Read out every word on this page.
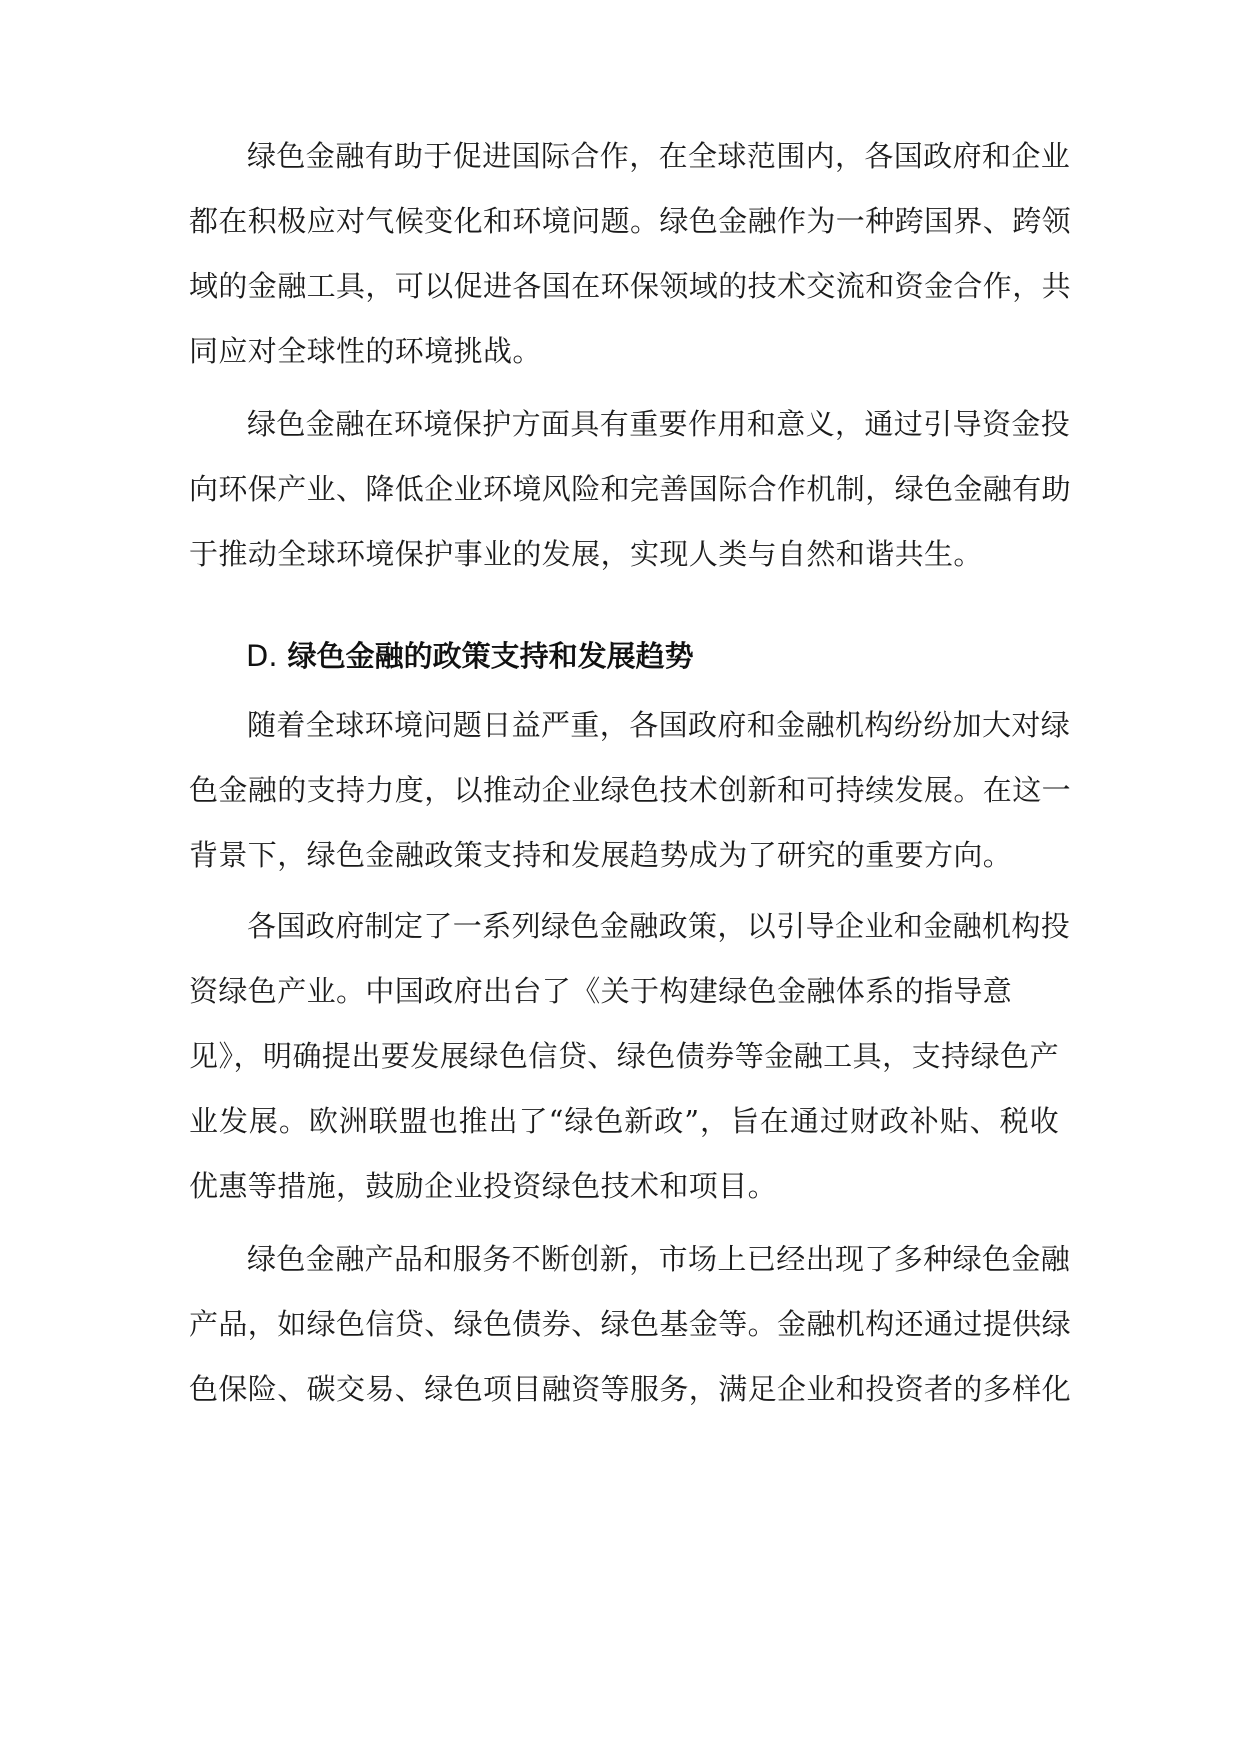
绿色金融有助于促进国际合作，在全球范围内，各国政府和企业
都在积极应对气候变化和环境问题。绿色金融作为一种跨国界、跨领
域的金融工具，可以促进各国在环保领域的技术交流和资金合作，共
同应对全球性的环境挑战。
绿色金融在环境保护方面具有重要作用和意义，通过引导资金投
向环保产业、降低企业环境风险和完善国际合作机制，绿色金融有助
于推动全球环境保护事业的发展，实现人类与自然和谐共生。
D. 绿色金融的政策支持和发展趋势
随着全球环境问题日益严重，各国政府和金融机构纷纷加大对绿
色金融的支持力度，以推动企业绿色技术创新和可持续发展。在这一
背景下，绿色金融政策支持和发展趋势成为了研究的重要方向。
各国政府制定了一系列绿色金融政策，以引导企业和金融机构投
资绿色产业。中国政府出台了《关于构建绿色金融体系的指导意
见》，明确提出要发展绿色信贷、绿色债券等金融工具，支持绿色产
业发展。欧洲联盟也推出了“绿色新政”，旨在通过财政补贴、税收
优惠等措施，鼓励企业投资绿色技术和项目。
绿色金融产品和服务不断创新，市场上已经出现了多种绿色金融
产品，如绿色信贷、绿色债券、绿色基金等。金融机构还通过提供绿
色保险、碳交易、绿色项目融资等服务，满足企业和投资者的多样化
